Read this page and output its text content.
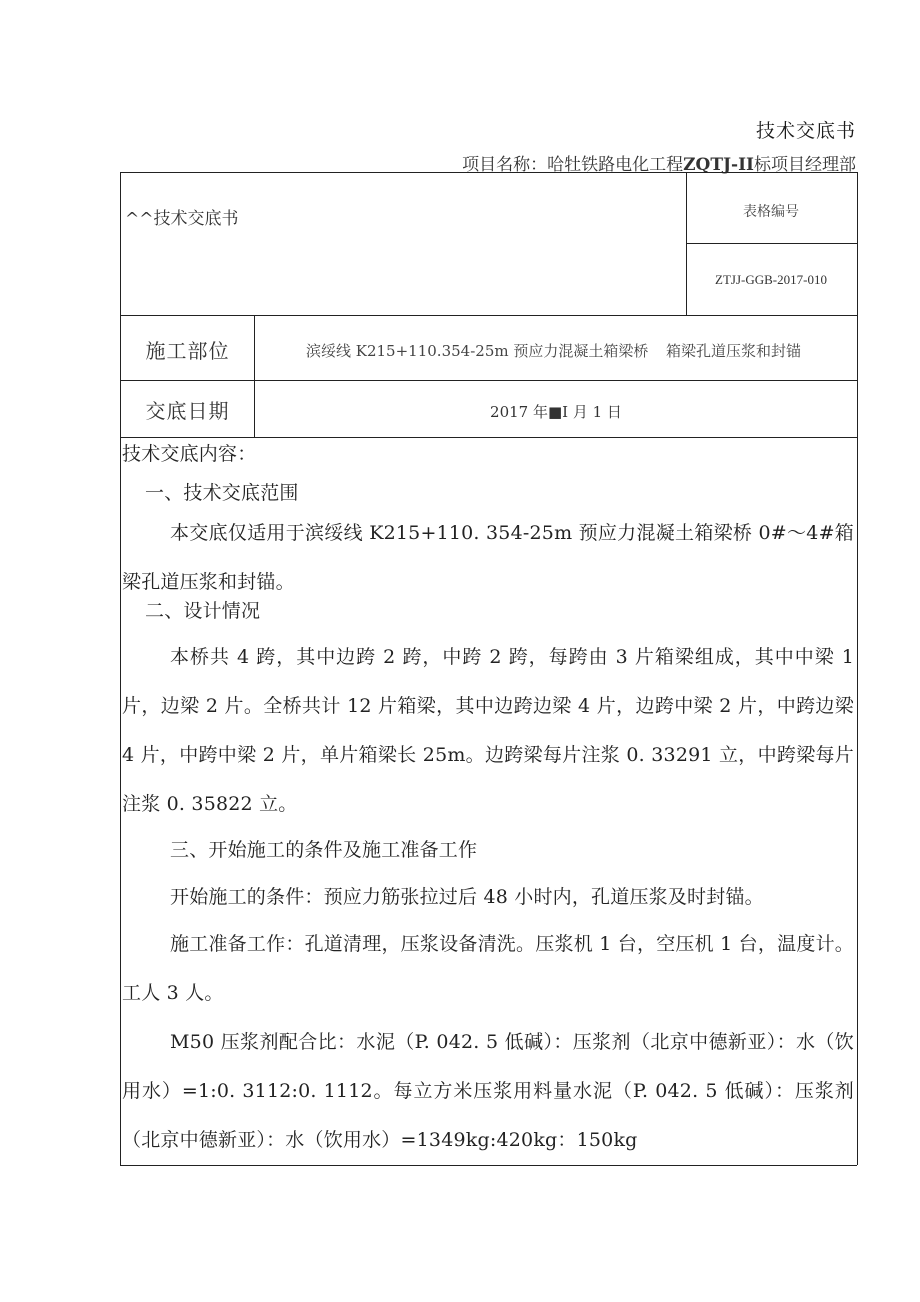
技术交底书
项目名称：哈牡铁路电化工程ZQTJ-II标项目经理部
^^技术交底书	表格编号
ZTJJ-GGB-2017-010
施工部位	滨绥线 K215+110.354-25m 预应力混凝土箱梁桥 箱梁孔道压浆和封锚
交底日期	2017 年■I 月 1 日
技术交底内容：
一、技术交底范围
本交底仅适用于滨绥线 K215+110. 354-25m 预应力混凝土箱梁桥 0#～4#箱梁孔道压浆和封锚。
二、设计情况
本桥共 4 跨，其中边跨 2 跨，中跨 2 跨，每跨由 3 片箱梁组成，其中中梁 1 片，边梁 2 片。全桥共计 12 片箱梁，其中边跨边梁 4 片，边跨中梁 2 片，中跨边梁 4 片，中跨中梁 2 片，单片箱梁长 25m。边跨梁每片注浆 0. 33291 立，中跨梁每片注浆 0. 35822 立。
三、开始施工的条件及施工准备工作
开始施工的条件：预应力筋张拉过后 48 小时内，孔道压浆及时封锚。
施工准备工作：孔道清理，压浆设备清洗。压浆机 1 台，空压机 1 台，温度计。工人 3 人。
M50 压浆剂配合比：水泥（P. 042. 5 低碱）：压浆剂（北京中德新亚）：水（饮用水）=1:0. 3112:0. 1112。每立方米压浆用料量水泥（P. 042. 5 低碱）：压浆剂（北京中德新亚）：水（饮用水）=1349kg:420kg：150kg
